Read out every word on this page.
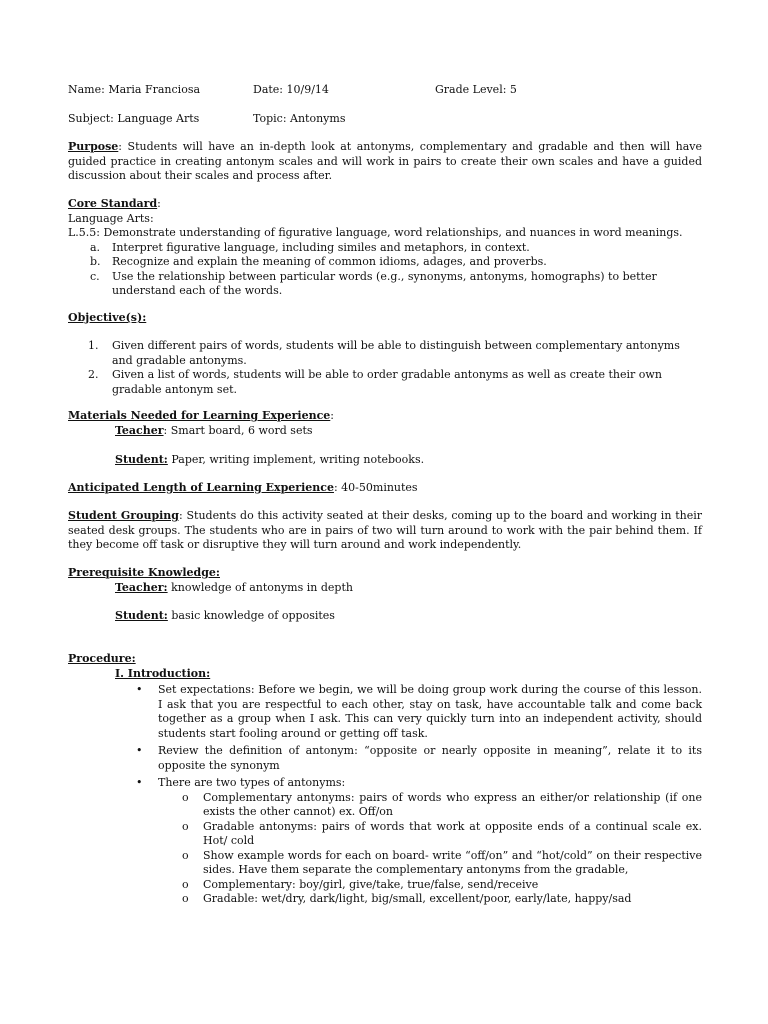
Name: Maria Franciosa	Date: 10/9/14	Grade Level: 5
Subject: Language Arts	Topic: Antonyms
Purpose: Students will have an in-depth look at antonyms, complementary and gradable and then will have guided practice in creating antonym scales and will work in pairs to create their own scales and have a guided discussion about their scales and process after.
Core Standard:
Language Arts:
L.5.5: Demonstrate understanding of figurative language, word relationships, and nuances in word meanings.
a. Interpret figurative language, including similes and metaphors, in context.
b. Recognize and explain the meaning of common idioms, adages, and proverbs.
c. Use the relationship between particular words (e.g., synonyms, antonyms, homographs) to better understand each of the words.
Objective(s):
1. Given different pairs of words, students will be able to distinguish between complementary antonyms and gradable antonyms.
2. Given a list of words, students will be able to order gradable antonyms as well as create their own gradable antonym set.
Materials Needed for Learning Experience:
Teacher: Smart board, 6 word sets
Student: Paper, writing implement, writing notebooks.
Anticipated Length of Learning Experience: 40-50minutes
Student Grouping: Students do this activity seated at their desks, coming up to the board and working in their seated desk groups. The students who are in pairs of two will turn around to work with the pair behind them. If they become off task or disruptive they will turn around and work independently.
Prerequisite Knowledge:
Teacher: knowledge of antonyms in depth
Student: basic knowledge of opposites
Procedure:
I. Introduction:
• Set expectations: Before we begin, we will be doing group work during the course of this lesson. I ask that you are respectful to each other, stay on task, have accountable talk and come back together as a group when I ask. This can very quickly turn into an independent activity, should students start fooling around or getting off task.
• Review the definition of antonym: “opposite or nearly opposite in meaning”, relate it to its opposite the synonym
• There are two types of antonyms:
o Complementary antonyms: pairs of words who express an either/or relationship (if one exists the other cannot) ex. Off/on
o Gradable antonyms: pairs of words that work at opposite ends of a continual scale ex. Hot/ cold
o Show example words for each on board- write “off/on” and “hot/cold” on their respective sides. Have them separate the complementary antonyms from the gradable,
o Complementary: boy/girl, give/take, true/false, send/receive
o Gradable: wet/dry, dark/light, big/small, excellent/poor, early/late, happy/sad
